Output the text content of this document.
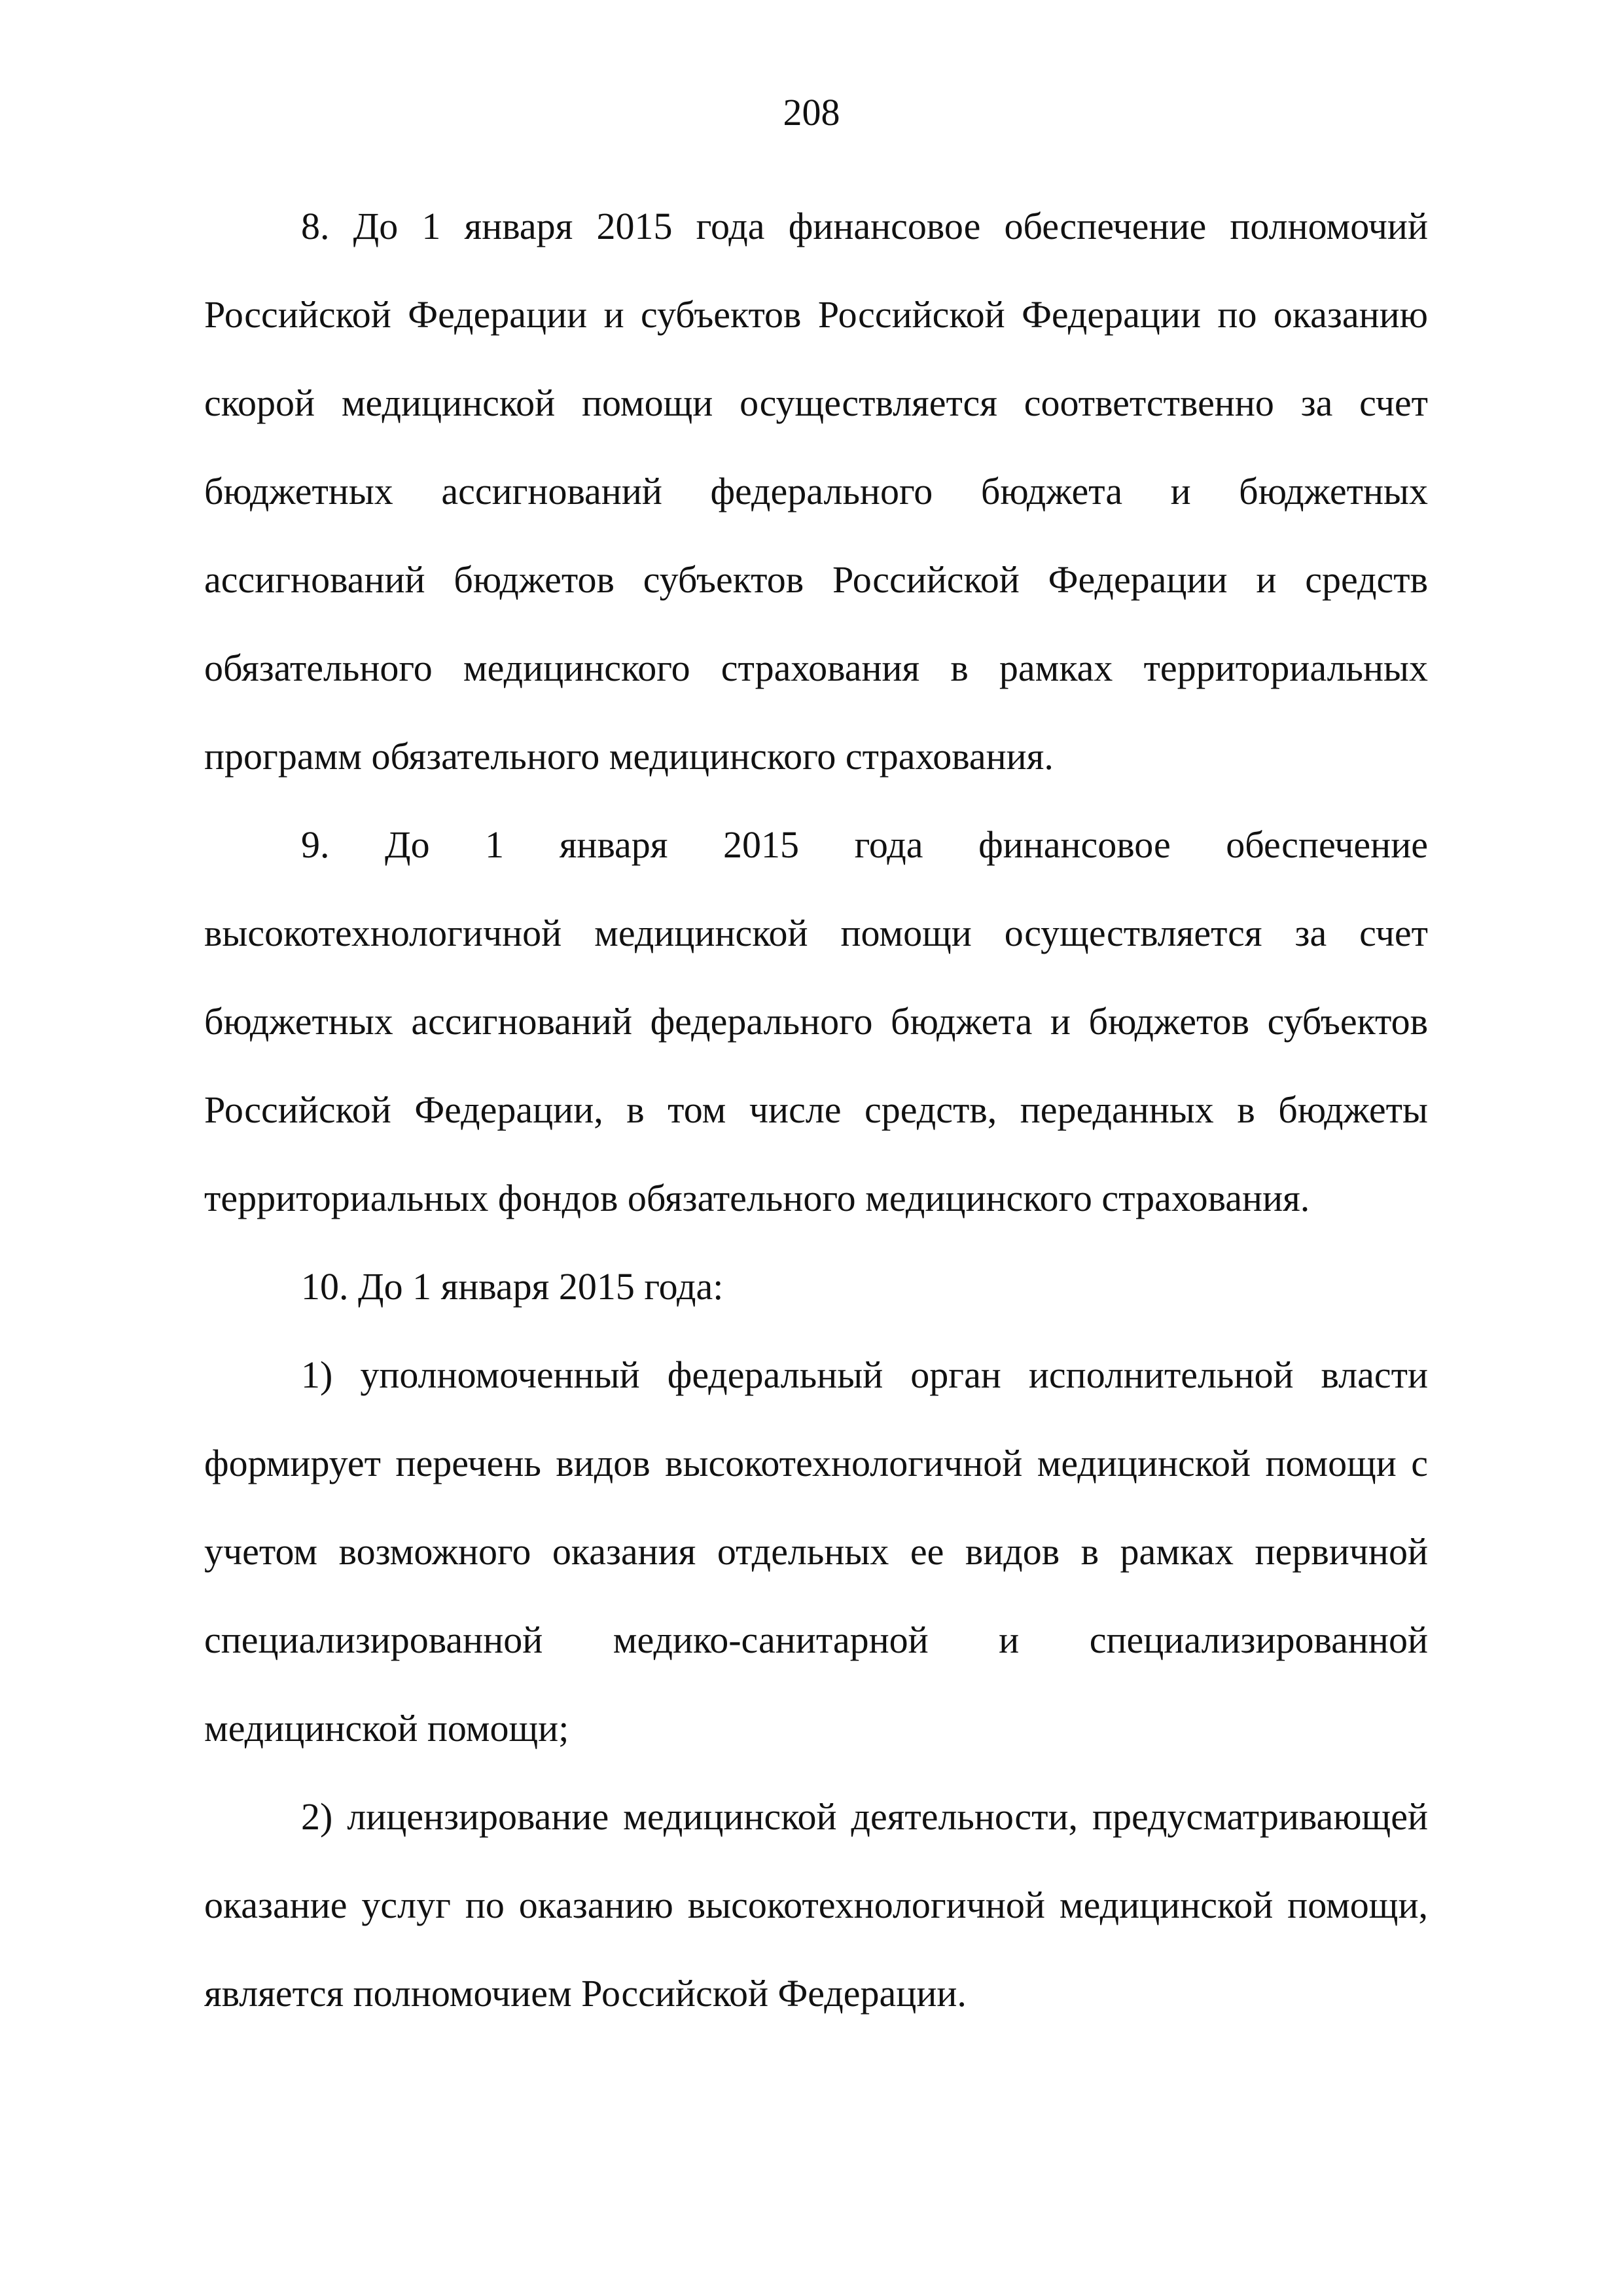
208

8. До 1 января 2015 года финансовое обеспечение полномочий Российской Федерации и субъектов Российской Федерации по оказанию скорой медицинской помощи осуществляется соответственно за счет бюджетных ассигнований федерального бюджета и бюджетных ассигнований бюджетов субъектов Российской Федерации и средств обязательного медицинского страхования в рамках территориальных программ обязательного медицинского страхования.

9. До 1 января 2015 года финансовое обеспечение высокотехнологичной медицинской помощи осуществляется за счет бюджетных ассигнований федерального бюджета и бюджетов субъектов Российской Федерации, в том числе средств, переданных в бюджеты территориальных фондов обязательного медицинского страхования.

10. До 1 января 2015 года:

1) уполномоченный федеральный орган исполнительной власти формирует перечень видов высокотехнологичной медицинской помощи с учетом возможного оказания отдельных ее видов в рамках первичной специализированной медико-санитарной и специализированной медицинской помощи;

2) лицензирование медицинской деятельности, предусматривающей оказание услуг по оказанию высокотехнологичной медицинской помощи, является полномочием Российской Федерации.
